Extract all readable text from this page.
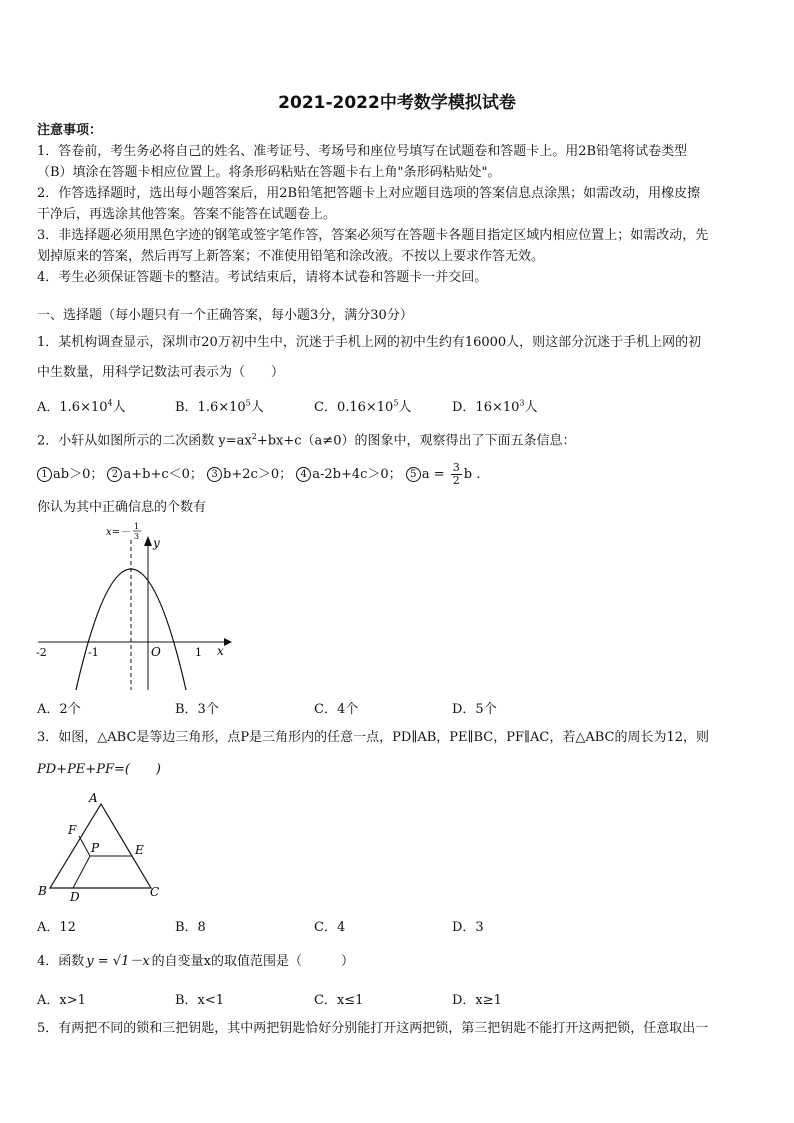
2021-2022中考数学模拟试卷
注意事项：
1．答卷前，考生务必将自己的姓名、准考证号、考场号和座位号填写在试题卷和答题卡上。用2B铅笔将试卷类型
（B）填涂在答题卡相应位置上。将条形码粘贴在答题卡右上角"条形码粘贴处"。
2．作答选择题时，选出每小题答案后，用2B铅笔把答题卡上对应题目选项的答案信息点涂黑；如需改动，用橡皮擦
干净后，再选涂其他答案。答案不能答在试题卷上。
3．非选择题必须用黑色字迹的钢笔或签字笔作答，答案必须写在答题卡各题目指定区域内相应位置上；如需改动，先
划掉原来的答案，然后再写上新答案；不准使用铅笔和涂改液。不按以上要求作答无效。
4．考生必须保证答题卡的整洁。考试结束后，请将本试卷和答题卡一并交回。
一、选择题（每小题只有一个正确答案，每小题3分，满分30分）
1．某机构调查显示，深圳市20万初中生中，沉迷于手机上网的初中生约有16000人，则这部分沉迷于手机上网的初
中生数量，用科学记数法可表示为（　　）
A．$1.6\times 10^4$人	B．$1.6\times 10^5$人	C．$0.16\times 10^5$人	D．$16\times 10^3$人
2．小轩从如图所示的二次函数 $y=ax^2+bx+c(a\ne 0)$的图象中，观察得出了下面五条信息：
1 ab＞0； 2 a+b+c＜0； 3 b+2c＞0； 4 a-2b+4c＞0； 5 $a = \frac{3}{2}$ b .
你认为其中正确信息的个数有
x=－
1
3 y
x
O
-2	-1	1
A．2个	B．3个	C．4个	D．5个
3．如图，△ABC是等边三角形，点P是三角形内的任意一点，PD∥AB，PE∥BC，PF∥AC，若△ABC的周长为12，则
PD+PE+PF=(　　)
A
B	C
D
E
F
P
A．12	B．8	C．4	D．3
4．函数 y = √1－x 的自变量x的取值范围是（　　　）
A．x>1	B．x<1	C．x≤1	D．x≥1
5．有两把不同的锁和三把钥匙，其中两把钥匙恰好分别能打开这两把锁，第三把钥匙不能打开这两把锁，任意取出一
